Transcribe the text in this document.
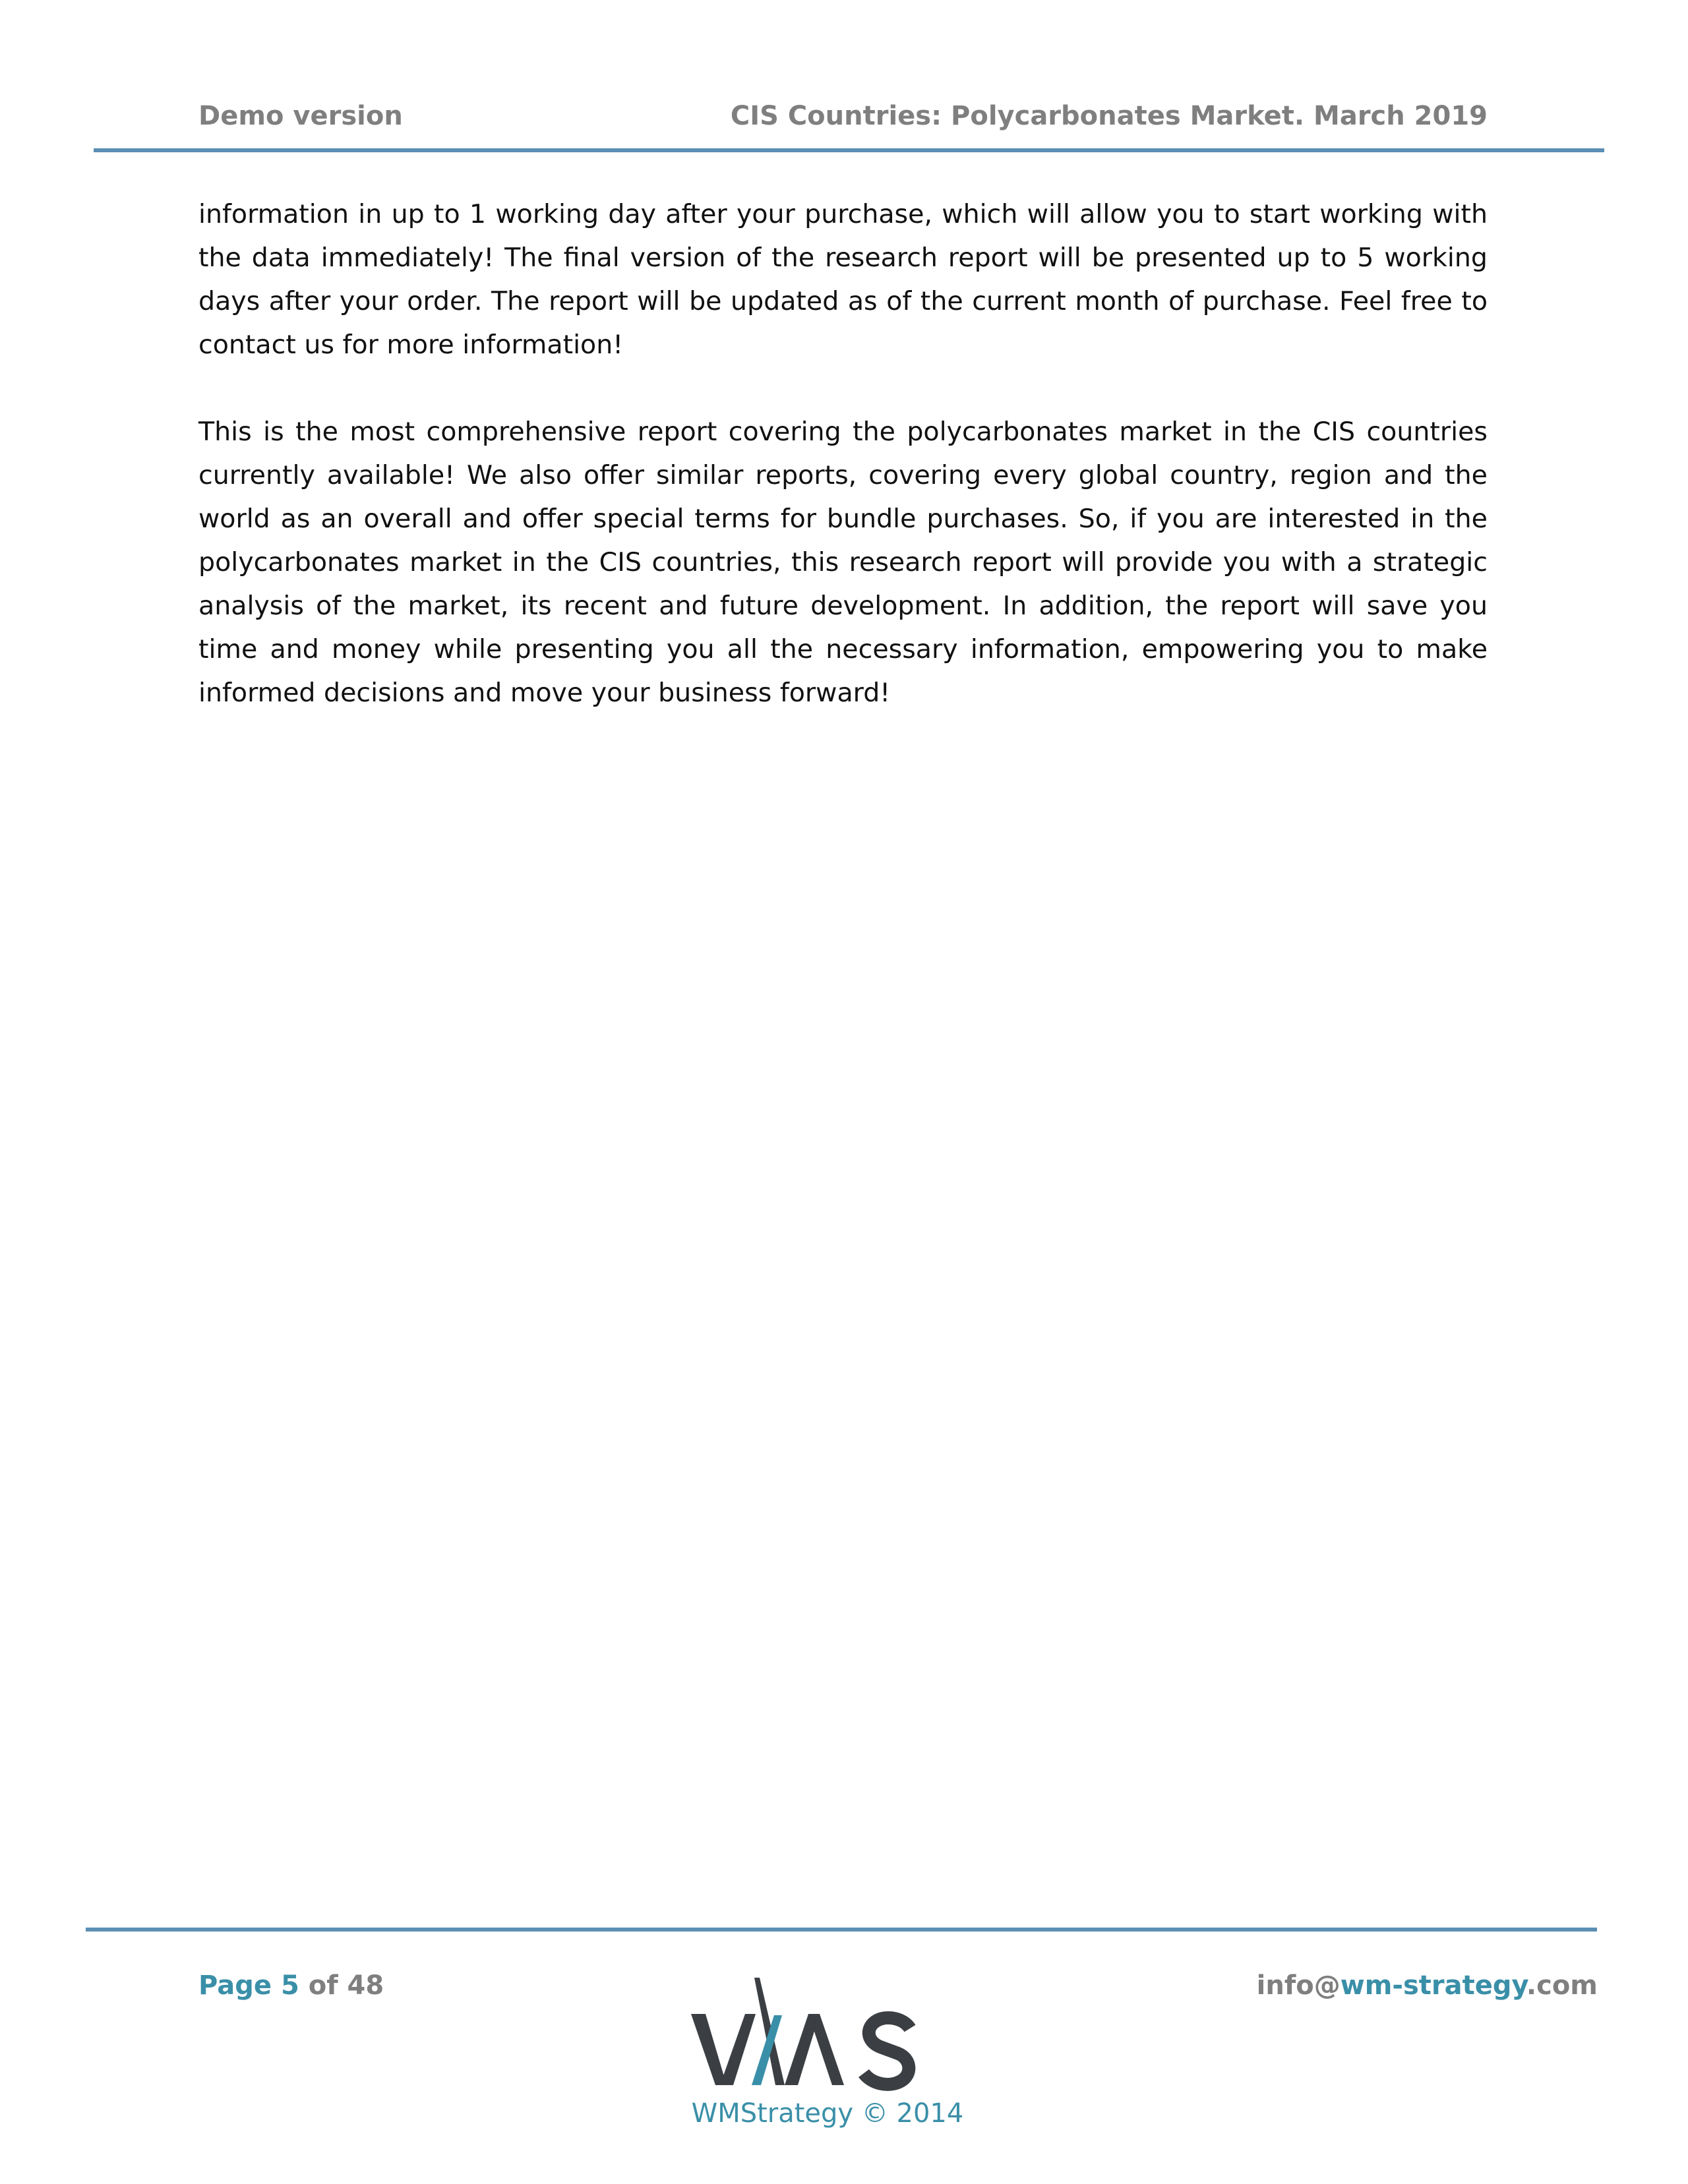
Demo version	CIS Countries: Polycarbonates Market. March 2019

information in up to 1 working day after your purchase, which will allow you to start working with the data immediately! The final version of the research report will be presented up to 5 working days after your order. The report will be updated as of the current month of purchase. Feel free to contact us for more information!

This is the most comprehensive report covering the polycarbonates market in the CIS countries currently available! We also offer similar reports, covering every global country, region and the world as an overall and offer special terms for bundle purchases. So, if you are interested in the polycarbonates market in the CIS countries, this research report will provide you with a strategic analysis of the market, its recent and future development. In addition, the report will save you time and money while presenting you all the necessary information, empowering you to make informed decisions and move your business forward!

Page 5 of 48	info@wm-strategy.com
WMStrategy © 2014
